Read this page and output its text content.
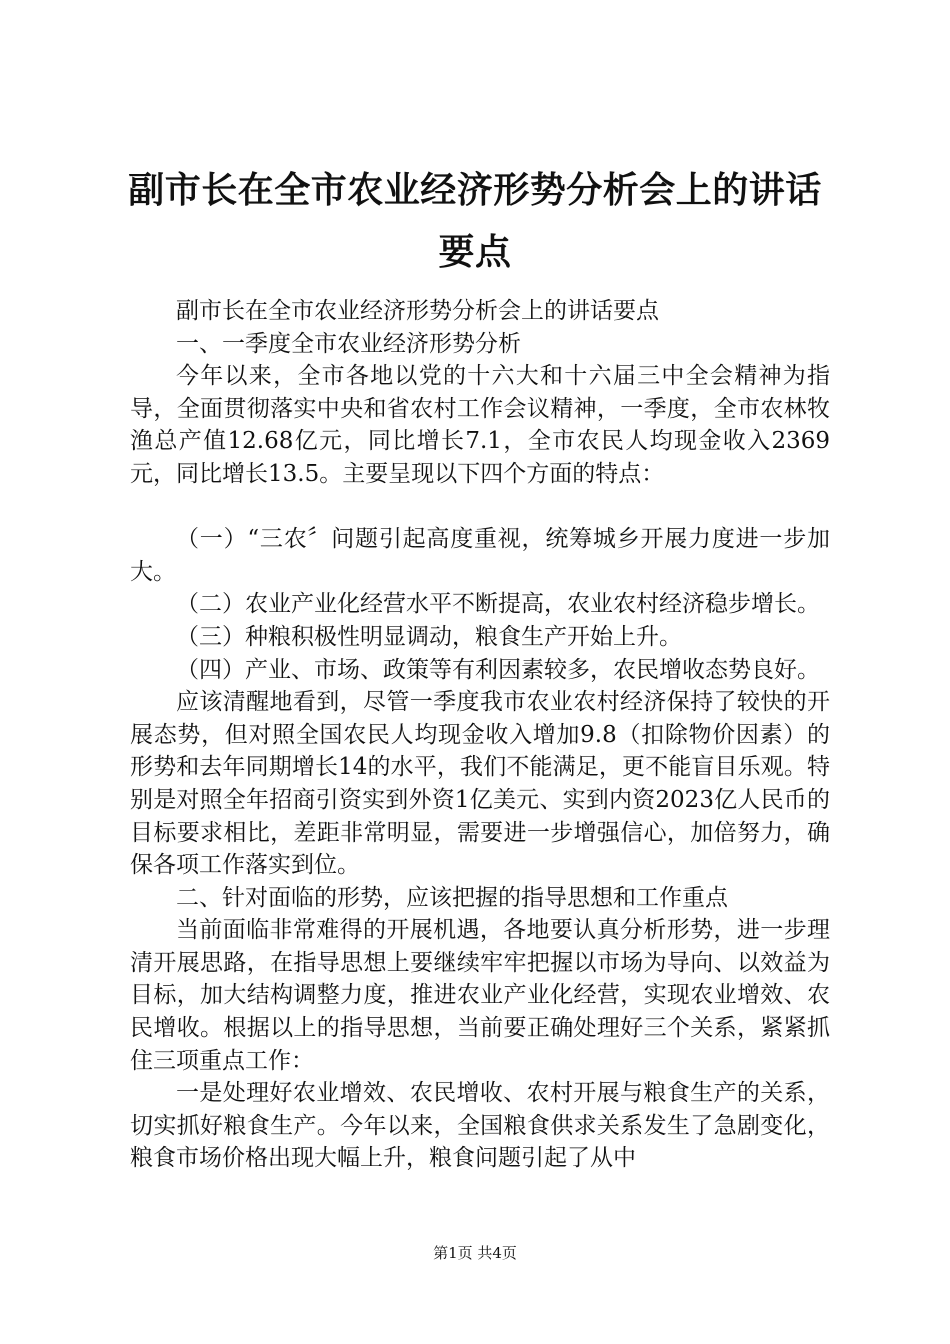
副市长在全市农业经济形势分析会上的讲话要点

副市长在全市农业经济形势分析会上的讲话要点

一、一季度全市农业经济形势分析

今年以来，全市各地以党的十六大和十六届三中全会精神为指导，全面贯彻落实中央和省农村工作会议精神，一季度，全市农林牧渔总产值12.68亿元，同比增长7.1，全市农民人均现金收入2369元，同比增长13.5。主要呈现以下四个方面的特点：

（一）“三农〞问题引起高度重视，统筹城乡开展力度进一步加大。

（二）农业产业化经营水平不断提高，农业农村经济稳步增长。

（三）种粮积极性明显调动，粮食生产开始上升。

（四）产业、市场、政策等有利因素较多，农民增收态势良好。

应该清醒地看到，尽管一季度我市农业农村经济保持了较快的开展态势，但对照全国农民人均现金收入增加9.8（扣除物价因素）的形势和去年同期增长14的水平，我们不能满足，更不能盲目乐观。特别是对照全年招商引资实到外资1亿美元、实到内资2023亿人民币的目标要求相比，差距非常明显，需要进一步增强信心，加倍努力，确保各项工作落实到位。

二、针对面临的形势，应该把握的指导思想和工作重点

当前面临非常难得的开展机遇，各地要认真分析形势，进一步理清开展思路，在指导思想上要继续牢牢把握以市场为导向、以效益为目标，加大结构调整力度，推进农业产业化经营，实现农业增效、农民增收。根据以上的指导思想，当前要正确处理好三个关系，紧紧抓住三项重点工作：

一是处理好农业增效、农民增收、农村开展与粮食生产的关系，切实抓好粮食生产。今年以来，全国粮食供求关系发生了急剧变化，粮食市场价格出现大幅上升，粮食问题引起了从中

第1页 共4页
